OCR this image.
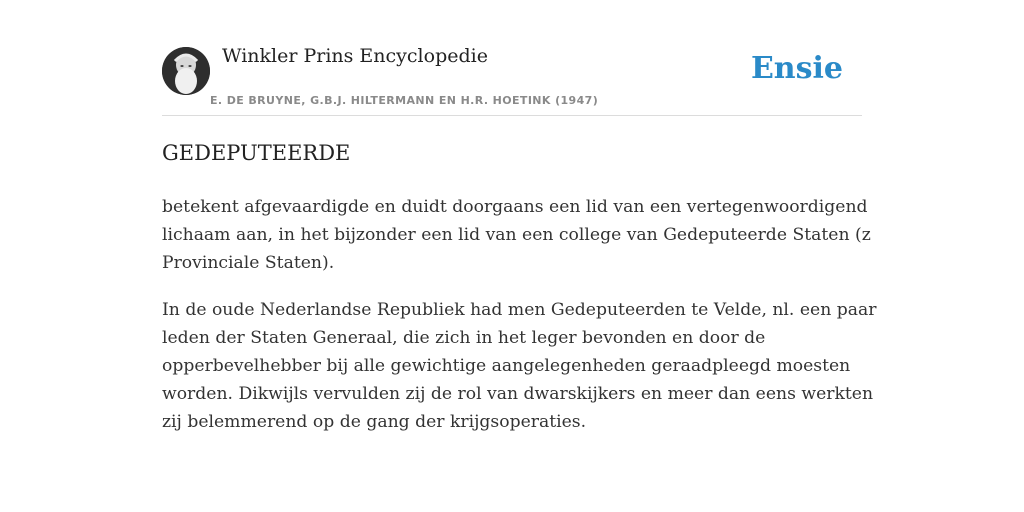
Winkler Prins Encyclopedie
E. DE BRUYNE, G.B.J. HILTERMANN EN H.R. HOETINK (1947)
Ensie
GEDEPUTEERDE

betekent afgevaardigde en duidt doorgaans een lid van een vertegenwoordigend
lichaam aan, in het bijzonder een lid van een college van Gedeputeerde Staten (z
Provinciale Staten).

In de oude Nederlandse Republiek had men Gedeputeerden te Velde, nl. een paar
leden der Staten Generaal, die zich in het leger bevonden en door de
opperbevelhebber bij alle gewichtige aangelegenheden geraadpleegd moesten
worden. Dikwijls vervulden zij de rol van dwarskijkers en meer dan eens werkten
zij belemmerend op de gang der krijgsoperaties.
